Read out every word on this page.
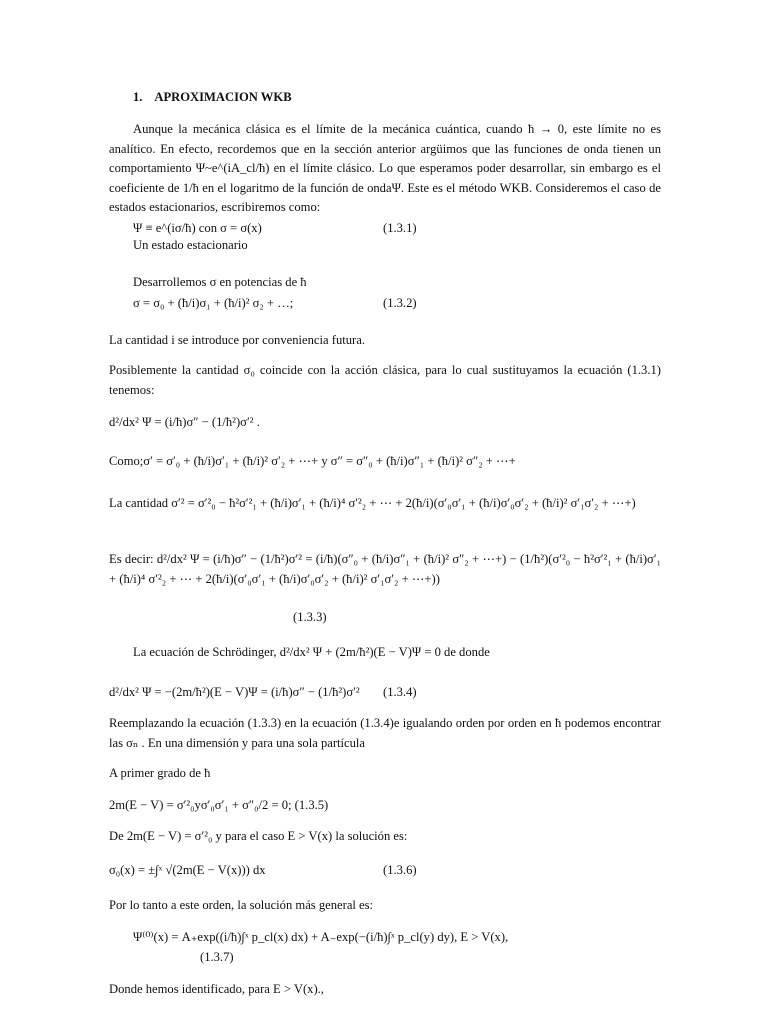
1.    APROXIMACION WKB

Aunque la mecánica clásica es el límite de la mecánica cuántica, cuando ħ → 0, este límite no es analítico. En efecto, recordemos que en la sección anterior argüimos que las funciones de onda tienen un comportamiento Ψ~e^(iA_cl/ħ) en el límite clásico. Lo que esperamos poder desarrollar, sin embargo es el coeficiente de 1/ħ en el logaritmo de la función de ondaΨ. Este es el método WKB. Consideremos el caso de estados estacionarios, escribiremos como:

Ψ ≡ e^(iσ/ħ) con σ = σ(x)	(1.3.1)

Un estado estacionario

Desarrollemos σ en potencias de ħ

σ = σ₀ + (ħ/i)σ₁ + (ħ/i)² σ₂ + …;	(1.3.2)

La cantidad i se introduce por conveniencia futura.

Posiblemente la cantidad σ₀ coincide con la acción clásica, para lo cual sustituyamos la ecuación (1.3.1) tenemos:

d²/dx² Ψ = (i/ħ)σ″ − (1/ħ²)σ′² .
Como;σ′ = σ′₀ + (ħ/i)σ′₁ + (ħ/i)² σ′₂ + ⋯+ y σ″ = σ″₀ + (ħ/i)σ″₁ + (ħ/i)² σ″₂ + ⋯+

La cantidad σ′² = σ′²₀ − ħ²σ′²₁ + (ħ/i)σ′₁ + (ħ/i)⁴ σ′²₂ + ⋯ + 2(ħ/i)(σ′₀σ′₁ + (ħ/i)σ′₀σ′₂ + (ħ/i)² σ′₁σ′₂ + ⋯+)

Es decir: d²/dx² Ψ = (i/ħ)σ″ − (1/ħ²)σ′² = (i/ħ)(σ″₀ + (ħ/i)σ″₁ + (ħ/i)² σ″₂ + ⋯+) − (1/ħ²)(σ′²₀ − ħ²σ′²₁ + (ħ/i)σ′₁ + (ħ/i)⁴ σ′²₂ + ⋯ + 2(ħ/i)(σ′₀σ′₁ + (ħ/i)σ′₀σ′₂ + (ħ/i)² σ′₁σ′₂ + ⋯+))

(1.3.3)

La ecuación de Schrödinger, d²/dx² Ψ + (2m/ħ²)(E − V)Ψ = 0 de donde

d²/dx² Ψ = −(2m/ħ²)(E − V)Ψ = (i/ħ)σ″ − (1/ħ²)σ′² (1.3.4)

Reemplazando la ecuación (1.3.3) en la ecuación (1.3.4)e igualando orden por orden en ħ podemos encontrar las σₙ . En una dimensión y para una sola partícula

A primer grado de ħ

2m(E − V) = σ′²₀yσ′₀σ′₁ + σ″₀/2 = 0; (1.3.5)

De 2m(E − V) = σ′²₀ y para el caso E > V(x) la solución es:

σ₀(x) = ±∫ˣ √(2m(E − V(x))) dx	(1.3.6)

Por lo tanto a este orden, la solución más general es:

Ψ⁽⁰⁾(x) = A₊exp((i/ħ)∫ˣ p_cl(x) dx) + A₋exp(−(i/ħ)∫ˣ p_cl(y) dy), E > V(x),
(1.3.7)

Donde hemos identificado, para E > V(x).,
